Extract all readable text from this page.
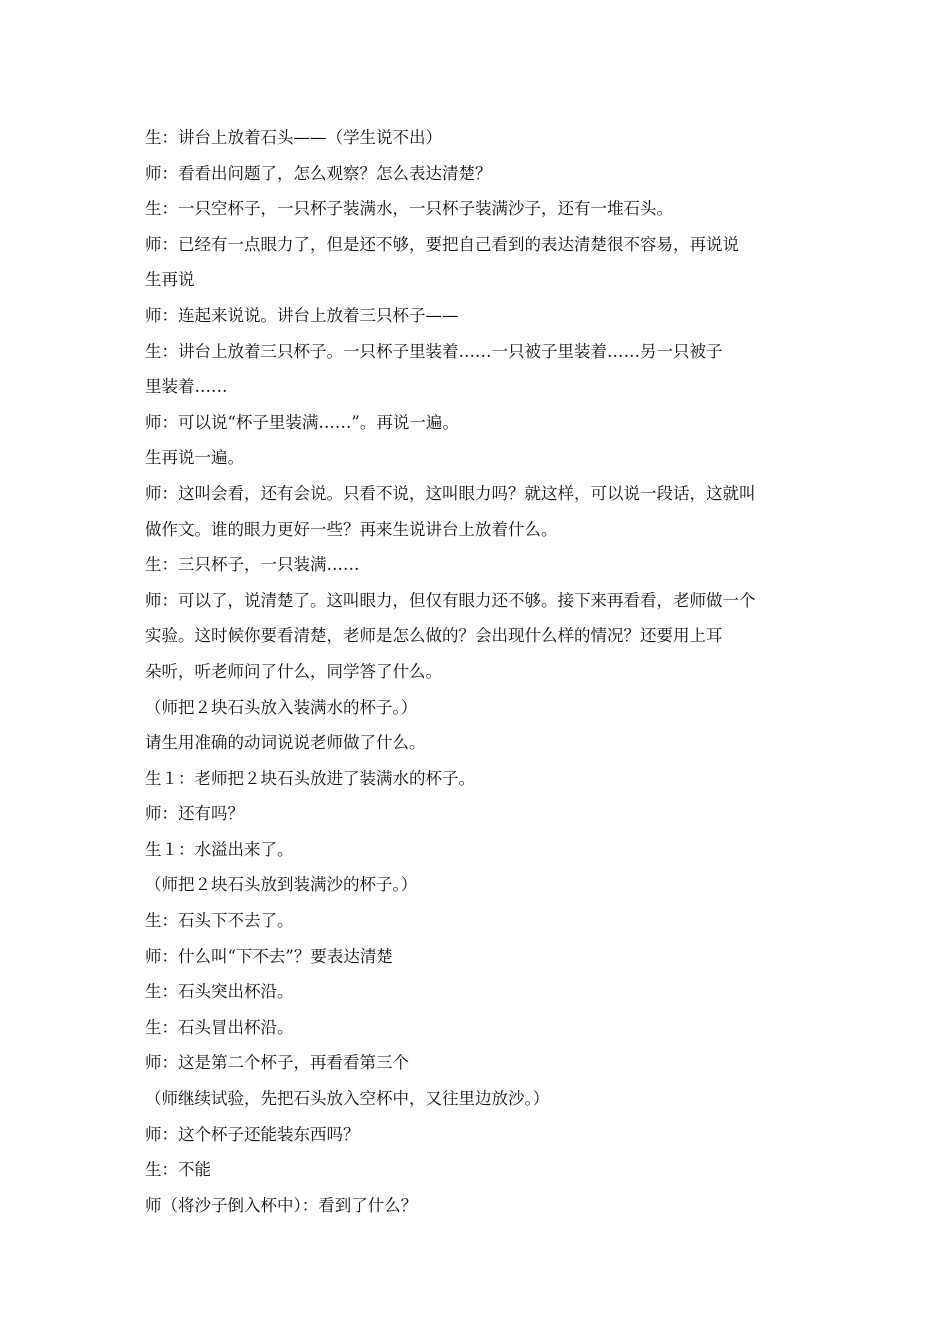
生：讲台上放着石头——（学生说不出）
师：看看出问题了，怎么观察？怎么表达清楚？
生：一只空杯子，一只杯子装满水，一只杯子装满沙子，还有一堆石头。
师：已经有一点眼力了，但是还不够，要把自己看到的表达清楚很不容易，再说说
生再说
师：连起来说说。讲台上放着三只杯子——
生：讲台上放着三只杯子。一只杯子里装着……一只被子里装着……另一只被子
里装着……
师：可以说“杯子里装满……”。再说一遍。
生再说一遍。
师：这叫会看，还有会说。只看不说，这叫眼力吗？就这样，可以说一段话，这就叫
做作文。谁的眼力更好一些？再来生说讲台上放着什么。
生：三只杯子，一只装满……
师：可以了，说清楚了。这叫眼力，但仅有眼力还不够。接下来再看看，老师做一个
实验。这时候你要看清楚，老师是怎么做的？会出现什么样的情况？还要用上耳
朵听，听老师问了什么，同学答了什么。
（师把２块石头放入装满水的杯子。）
请生用准确的动词说说老师做了什么。
生１：老师把２块石头放进了装满水的杯子。
师：还有吗？
生１：水溢出来了。
（师把２块石头放到装满沙的杯子。）
生：石头下不去了。
师：什么叫“下不去”？要表达清楚
生：石头突出杯沿。
生：石头冒出杯沿。
师：这是第二个杯子，再看看第三个
（师继续试验，先把石头放入空杯中，又往里边放沙。）
师：这个杯子还能装东西吗？
生：不能
师（将沙子倒入杯中）：看到了什么？
